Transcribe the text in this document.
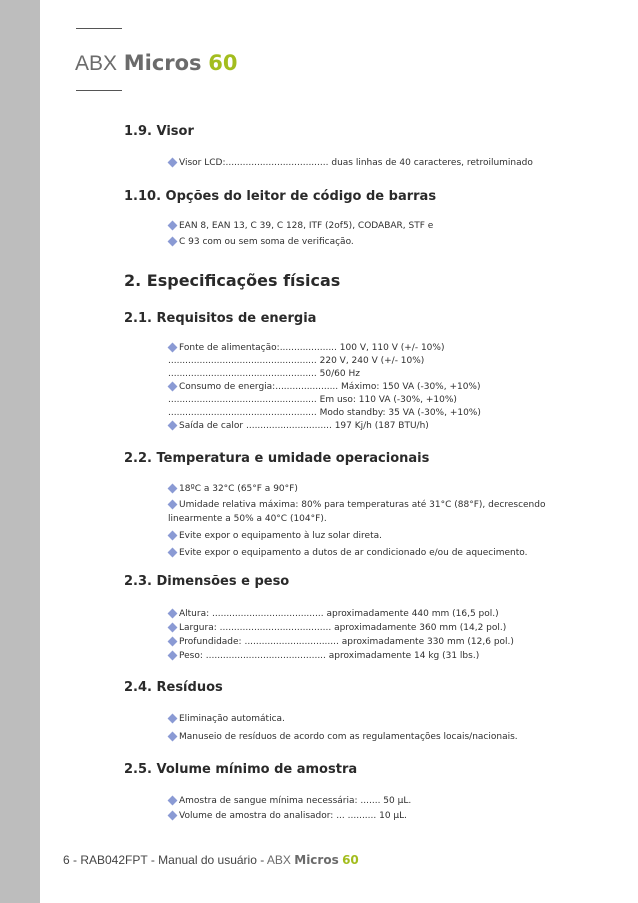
ABX Micros 60
1.9. Visor
Visor LCD:.................................... duas linhas de 40 caracteres, retroiluminado
1.10. Opções do leitor de código de barras
EAN 8, EAN 13, C 39, C 128, ITF (2of5), CODABAR, STF e
C 93 com ou sem soma de verificação.
2. Especificações físicas
2.1. Requisitos de energia
Fonte de alimentação:.................... 100 V, 110 V (+/- 10%)
.................................................... 220 V, 240 V (+/- 10%)
.................................................... 50/60 Hz
Consumo de energia:...................... Máximo: 150 VA (-30%, +10%)
.................................................... Em uso: 110 VA (-30%, +10%)
.................................................... Modo standby: 35 VA (-30%, +10%)
Saída de calor .............................. 197 Kj/h (187 BTU/h)
2.2. Temperatura e umidade operacionais
18ºC a 32°C (65°F a 90°F)
Umidade relativa máxima: 80% para temperaturas até 31°C (88°F), decrescendo linearmente a 50% a 40°C (104°F).
Evite expor o equipamento à luz solar direta.
Evite expor o equipamento a dutos de ar condicionado e/ou de aquecimento.
2.3. Dimensões e peso
Altura: ....................................... aproximadamente 440 mm (16,5 pol.)
Largura: ....................................... aproximadamente 360 mm (14,2 pol.)
Profundidade: ................................. aproximadamente 330 mm (12,6 pol.)
Peso: .......................................... aproximadamente 14 kg (31 lbs.)
2.4. Resíduos
Eliminação automática.
Manuseio de resíduos de acordo com as regulamentações locais/nacionais.
2.5. Volume mínimo de amostra
Amostra de sangue mínima necessária: ....... 50 µL.
Volume de amostra do analisador: ... .......... 10 µL.
6 - RAB042FPT - Manual do usuário - ABX Micros 60
